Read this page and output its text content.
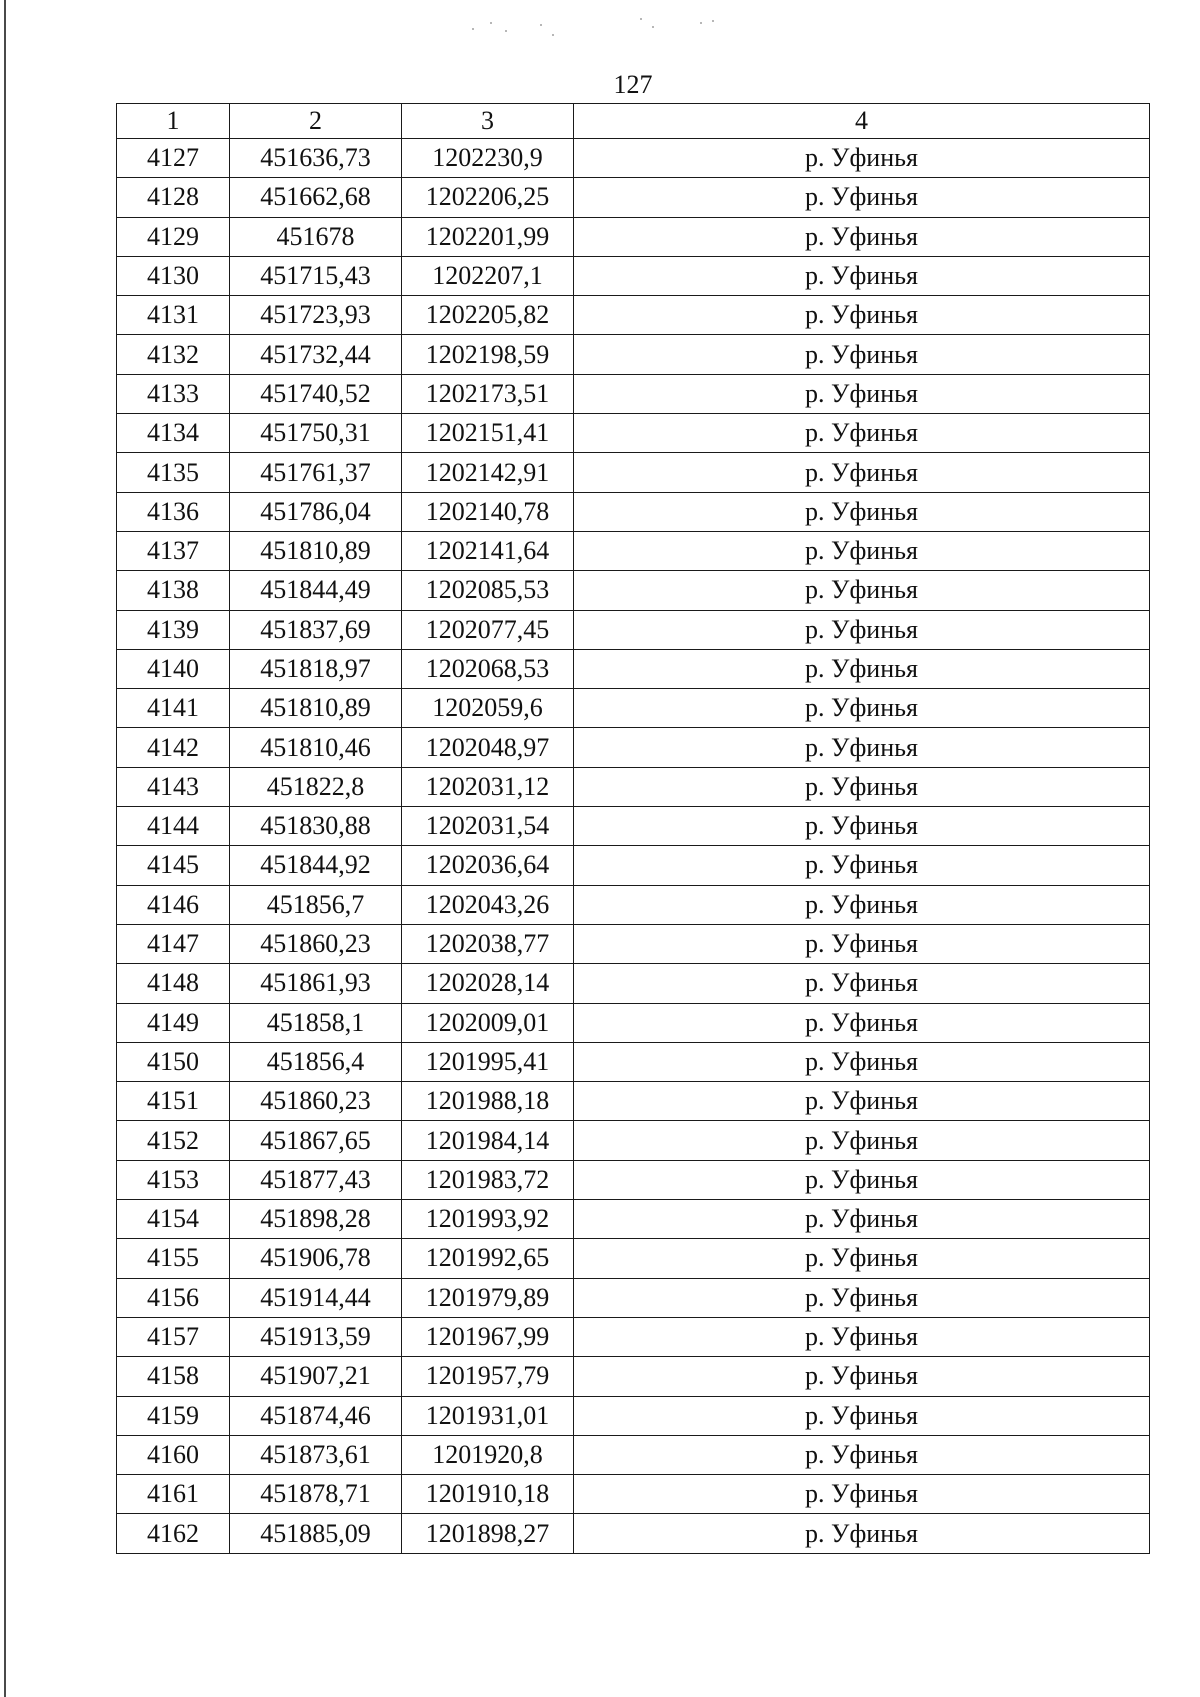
127
1	2	3	4
4127	451636,73	1202230,9	р. Уфинья
4128	451662,68	1202206,25	р. Уфинья
4129	451678	1202201,99	р. Уфинья
4130	451715,43	1202207,1	р. Уфинья
4131	451723,93	1202205,82	р. Уфинья
4132	451732,44	1202198,59	р. Уфинья
4133	451740,52	1202173,51	р. Уфинья
4134	451750,31	1202151,41	р. Уфинья
4135	451761,37	1202142,91	р. Уфинья
4136	451786,04	1202140,78	р. Уфинья
4137	451810,89	1202141,64	р. Уфинья
4138	451844,49	1202085,53	р. Уфинья
4139	451837,69	1202077,45	р. Уфинья
4140	451818,97	1202068,53	р. Уфинья
4141	451810,89	1202059,6	р. Уфинья
4142	451810,46	1202048,97	р. Уфинья
4143	451822,8	1202031,12	р. Уфинья
4144	451830,88	1202031,54	р. Уфинья
4145	451844,92	1202036,64	р. Уфинья
4146	451856,7	1202043,26	р. Уфинья
4147	451860,23	1202038,77	р. Уфинья
4148	451861,93	1202028,14	р. Уфинья
4149	451858,1	1202009,01	р. Уфинья
4150	451856,4	1201995,41	р. Уфинья
4151	451860,23	1201988,18	р. Уфинья
4152	451867,65	1201984,14	р. Уфинья
4153	451877,43	1201983,72	р. Уфинья
4154	451898,28	1201993,92	р. Уфинья
4155	451906,78	1201992,65	р. Уфинья
4156	451914,44	1201979,89	р. Уфинья
4157	451913,59	1201967,99	р. Уфинья
4158	451907,21	1201957,79	р. Уфинья
4159	451874,46	1201931,01	р. Уфинья
4160	451873,61	1201920,8	р. Уфинья
4161	451878,71	1201910,18	р. Уфинья
4162	451885,09	1201898,27	р. Уфинья
